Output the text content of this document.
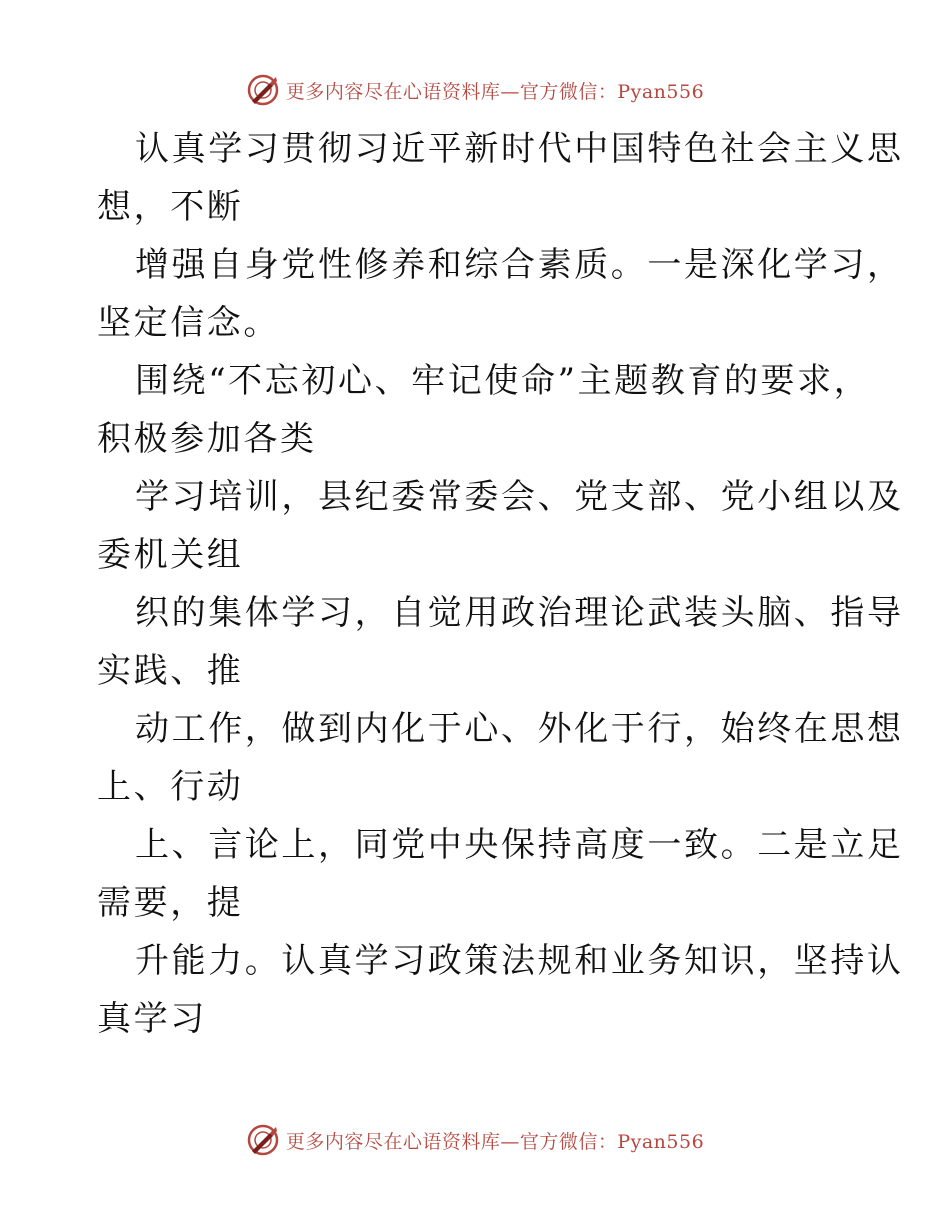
更多内容尽在心语资料库—官方微信：Pyan556
认真学习贯彻习近平新时代中国特色社会主义思
想，不断
增强自身党性修养和综合素质。一是深化学习，
坚定信念。
围绕“不忘初心、牢记使命”主题教育的要求，
积极参加各类
学习培训，县纪委常委会、党支部、党小组以及
委机关组
织的集体学习，自觉用政治理论武装头脑、指导
实践、推
动工作，做到内化于心、外化于行，始终在思想
上、行动
上、言论上，同党中央保持高度一致。二是立足
需要，提
升能力。认真学习政策法规和业务知识，坚持认
真学习
更多内容尽在心语资料库—官方微信：Pyan556
